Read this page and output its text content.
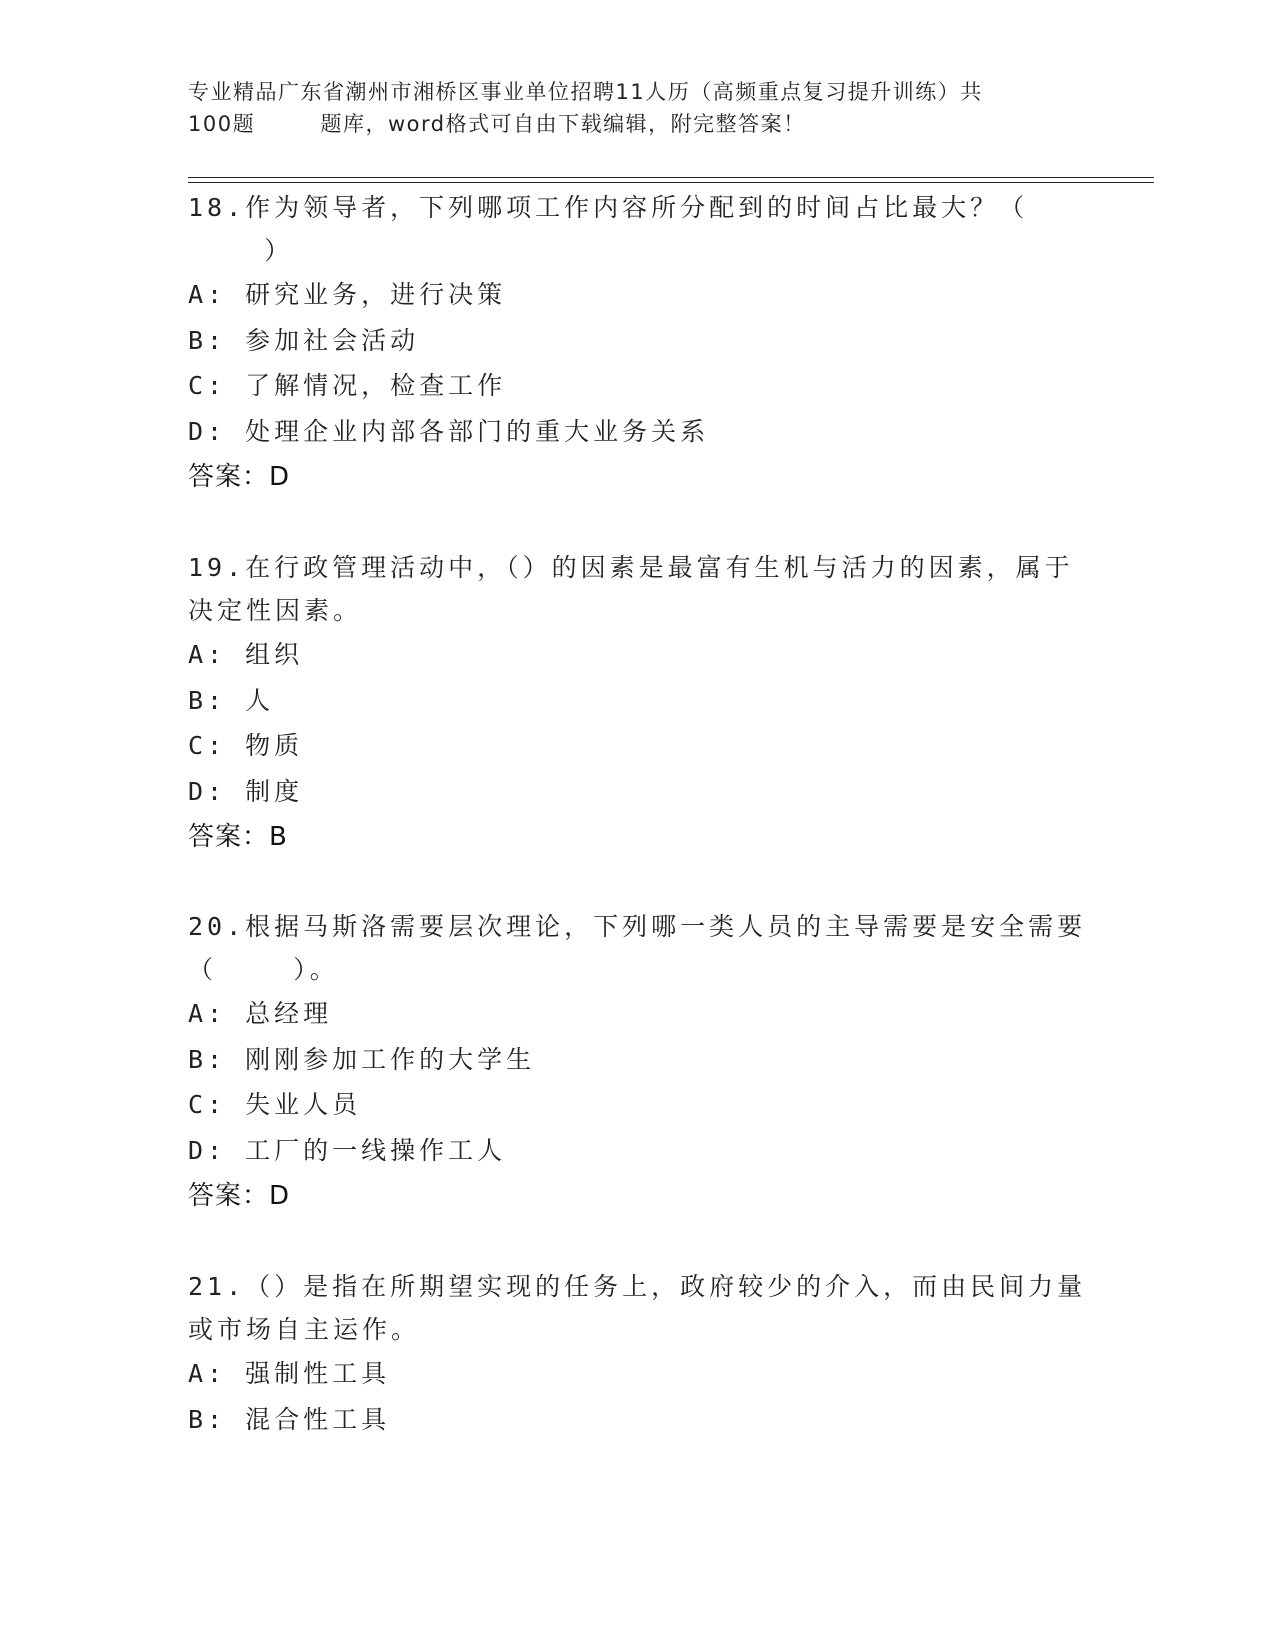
专业精品广东省潮州市湘桥区事业单位招聘11人历（高频重点复习提升训练）共
100题        题库，word格式可自由下载编辑，附完整答案！
18.作为领导者，下列哪项工作内容所分配到的时间占比最大？（
）
A: 研究业务，进行决策
B: 参加社会活动
C: 了解情况，检查工作
D: 处理企业内部各部门的重大业务关系
答案：D
19.在行政管理活动中，（）的因素是最富有生机与活力的因素，属于
决定性因素。
A: 组织
B: 人
C: 物质
D: 制度
答案：B
20.根据马斯洛需要层次理论，下列哪一类人员的主导需要是安全需要
（    ）。
A: 总经理
B: 刚刚参加工作的大学生
C: 失业人员
D: 工厂的一线操作工人
答案：D
21.（）是指在所期望实现的任务上，政府较少的介入，而由民间力量
或市场自主运作。
A: 强制性工具
B: 混合性工具
